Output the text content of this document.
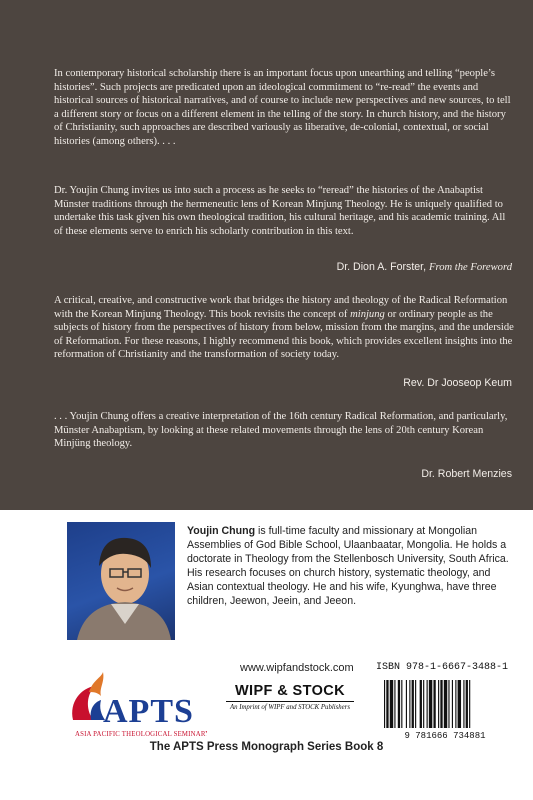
In contemporary historical scholarship there is an important focus upon unearthing and telling “people’s histories”. Such projects are predicated upon an ideological commitment to “re-read” the events and historical sources of historical narratives, and of course to include new perspectives and new sources, to tell a different story or focus on a different element in the telling of the story. In church history, and the history of Christianity, such approaches are described variously as liberative, de-colonial, contextual, or social histories (among others). . . .

Dr. Youjin Chung invites us into such a process as he seeks to “reread” the histories of the Anabaptist Münster traditions through the hermeneutic lens of Korean Minjung Theology. He is uniquely qualified to undertake this task given his own theological tradition, his cultural heritage, and his academic training. All of these elements serve to enrich his scholarly contribution in this text.

Dr. Dion A. Forster, From the Foreword

A critical, creative, and constructive work that bridges the history and theology of the Radical Reformation with the Korean Minjung Theology. This book revisits the concept of minjung or ordinary people as the subjects of history from the perspectives of history from below, mission from the margins, and the underside of Reformation. For these reasons, I highly recommend this book, which provides excellent insights into the reformation of Christianity and the transformation of society today.

Rev. Dr Jooseop Keum

. . . Youjin Chung offers a creative interpretation of the 16th century Radical Reformation, and particularly, Münster Anabaptism, by looking at these related movements through the lens of 20th century Korean Minjüng theology.

Dr. Robert Menzies
Youjin Chung is full-time faculty and missionary at Mongolian Assemblies of God Bible School, Ulaanbaatar, Mongolia. He holds a doctorate in Theology from the Stellenbosch University, South Africa. His research focuses on church history, systematic theology, and Asian contextual theology. He and his wife, Kyunghwa, have three children, Jeewon, Jeein, and Jeeon.
APTS
ASIA PACIFIC THEOLOGICAL SEMINARY
www.wipfandstock.com
WIPF & STOCK
An Imprint of WIPF and STOCK Publishers
ISBN 978-1-6667-3488-1
9 781666 734881
The APTS Press Monograph Series Book 8
